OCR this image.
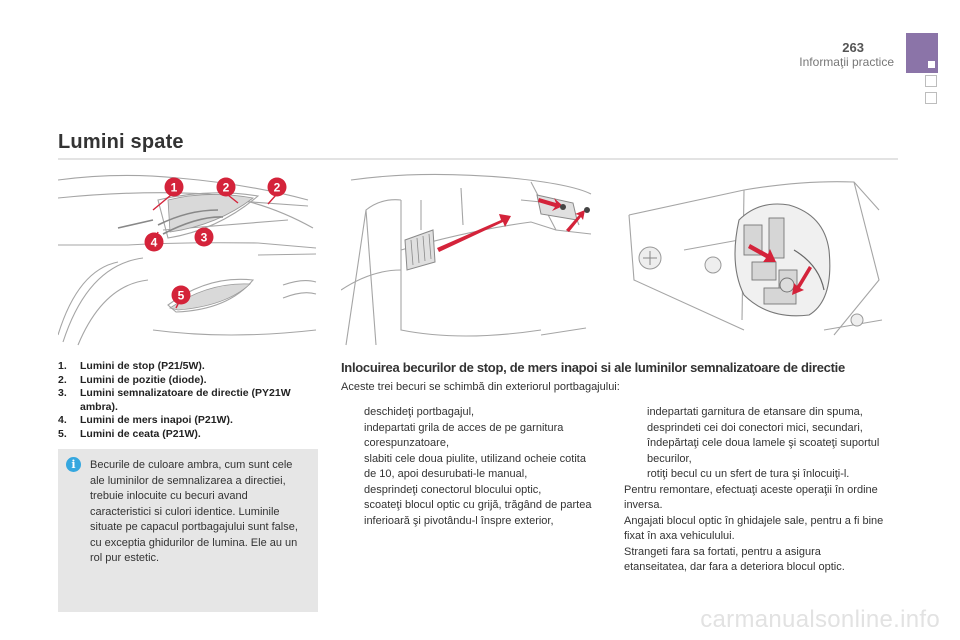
263
Informaţii practice
Lumini spate
1	2	2
3
4
5
1.	Lumini de stop (P21/5W).
2.	Lumini de pozitie (diode).
3.	Lumini semnalizatoare de directie (PY21W ambra).
4.	Lumini de mers inapoi (P21W).
5.	Lumini de ceata (P21W).
i	Becurile de culoare ambra, cum sunt cele ale luminilor de semnalizarea a directiei, trebuie inlocuite cu becuri avand caracteristici si culori identice. Luminile situate pe capacul portbagajului sunt false, cu exceptia ghidurilor de lumina. Ele au un rol pur estetic.
Inlocuirea becurilor de stop, de mers inapoi si ale luminilor semnalizatoare de directie
Aceste trei becuri se schimbă din exteriorul portbagajului:
deschideţi portbagajul,
indepartati grila de acces de pe garnitura corespunzatoare,
slabiti cele doua piulite, utilizand ocheie cotita de 10, apoi desurubati-le manual,
desprindeţi conectorul blocului optic,
scoateţi blocul optic cu grijă, trăgând de partea inferioară şi pivotându-l înspre exterior,
indepartati garnitura de etansare din spuma,
desprindeti cei doi conectori mici, secundari,
îndepărtaţi cele doua lamele şi scoateţi suportul becurilor,
rotiţi becul cu un sfert de tura şi înlocuiţi-l.

Pentru remontare, efectuaţi aceste operaţii în ordine inversa.

Angajati blocul optic în ghidajele sale, pentru a fi bine fixat în axa vehiculului.

Strangeti fara sa fortati, pentru a asigura etanseitatea, dar fara a deteriora blocul optic.

carmanualsonline.info
